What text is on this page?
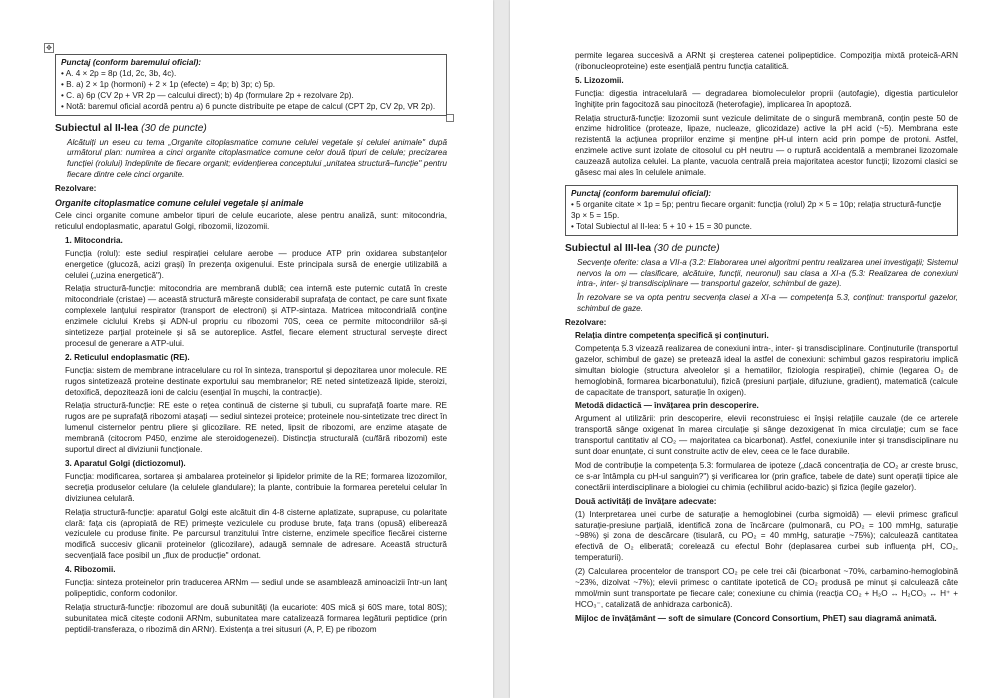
✥
Punctaj (conform baremului oficial):
• A. 4 × 2p = 8p (1d, 2c, 3b, 4c).
• B. a) 2 × 1p (hormoni) + 2 × 1p (efecte) = 4p; b) 3p; c) 5p.
• C. a) 6p (CV 2p + VR 2p — calcului direct); b) 4p (formulare 2p + rezolvare 2p).
• Notă: baremul oficial acordă pentru a) 6 puncte distribuite pe etape de calcul (CPT 2p, CV 2p, VR 2p).
Subiectul al II-lea (30 de puncte)

Alcătuiți un eseu cu tema „Organite citoplasmatice comune celulei vegetale și celulei animale" după următorul plan: numirea a cinci organite citoplasmatice comune celor două tipuri de celule; precizarea funcției (rolului) îndeplinite de fiecare organit; evidențierea conceptului „unitatea structură–funcție" pentru fiecare dintre cele cinci organite.

Rezolvare:
Organite citoplasmatice comune celulei vegetale și animale

Cele cinci organite comune ambelor tipuri de celule eucariote, alese pentru analiză, sunt: mitocondria, reticulul endoplasmatic, aparatul Golgi, ribozomii, lizozomii.

1. Mitocondria.

Funcția (rolul): este sediul respirației celulare aerobe — produce ATP prin oxidarea substanțelor energetice (glucoză, acizi grași) în prezența oxigenului. Este principala sursă de energie utilizabilă a celulei („uzina energetică").

Relația structură-funcție: mitocondria are membrană dublă; cea internă este puternic cutată în creste mitocondriale (cristae) — această structură mărește considerabil suprafața de contact, pe care sunt fixate complexele lanțului respirator (transport de electroni) și ATP-sintaza. Matricea mitocondrială conține enzimele ciclului Krebs și ADN-ul propriu cu ribozomi 70S, ceea ce permite mitocondriilor să-și sintetizeze parțial proteinele și să se autoreplice. Astfel, fiecare element structural servește direct procesul de generare a ATP-ului.

2. Reticulul endoplasmatic (RE).

Funcția: sistem de membrane intracelulare cu rol în sinteza, transportul și depozitarea unor molecule. RE rugos sintetizează proteine destinate exportului sau membranelor; RE neted sintetizează lipide, steroizi, detoxifică, depozitează ioni de calciu (esențial în mușchi, la contracție).

Relația structură-funcție: RE este o rețea continuă de cisterne și tubuli, cu suprafață foarte mare. RE rugos are pe suprafață ribozomi atașați — sediul sintezei proteice; proteinele nou-sintetizate trec direct în lumenul cisternelor pentru pliere și glicozilare. RE neted, lipsit de ribozomi, are enzime atașate de membrană (citocrom P450, enzime ale steroidogenezei). Distincția structurală (cu/fără ribozomi) este suportul direct al diviziunii funcționale.

3. Aparatul Golgi (dictiozomul).

Funcția: modificarea, sortarea și ambalarea proteinelor și lipidelor primite de la RE; formarea lizozomilor, secreția produselor celulare (la celulele glandulare); la plante, contribuie la formarea peretelui celular în diviziunea celulară.

Relația structură-funcție: aparatul Golgi este alcătuit din 4-8 cisterne aplatizate, suprapuse, cu polaritate clară: fața cis (apropiată de RE) primește veziculele cu produse brute, fața trans (opusă) eliberează veziculele cu produse finite. Pe parcursul tranzitului între cisterne, enzimele specifice fiecărei cisterne modifică succesiv glicanii proteinelor (glicozilare), adaugă semnale de adresare. Această structură secvențială face posibil un „flux de producție" ordonat.

4. Ribozomii.

Funcția: sinteza proteinelor prin traducerea ARNm — sediul unde se asamblează aminoacizii într-un lanț polipeptidic, conform codonilor.

Relația structură-funcție: ribozomul are două subunități (la eucariote: 40S mică și 60S mare, total 80S); subunitatea mică citește codonii ARNm, subunitatea mare catalizează formarea legăturii peptidice (prin peptidil-transferaza, o ribozimă din ARNr). Existența a trei situsuri (A, P, E) pe ribozom

permite legarea succesivă a ARNt și creșterea catenei polipeptidice. Compoziția mixtă proteică-ARN (ribonucleoproteine) este esențială pentru funcția catalitică.

5. Lizozomii.

Funcția: digestia intracelulară — degradarea biomoleculelor proprii (autofagie), digestia particulelor înghițite prin fagocitoză sau pinocitoză (heterofagie), implicarea în apoptoză.

Relația structură-funcție: lizozomii sunt vezicule delimitate de o singură membrană, conțin peste 50 de enzime hidrolitice (proteaze, lipaze, nucleaze, glicozidaze) active la pH acid (~5). Membrana este rezistentă la acțiunea propriilor enzime și menține pH-ul intern acid prin pompe de protoni. Astfel, enzimele active sunt izolate de citosolul cu pH neutru — o ruptură accidentală a membranei lizozomale cauzează autoliza celulei. La plante, vacuola centrală preia majoritatea acestor funcții; lizozomi clasici se găsesc mai ales în celulele animale.

Punctaj (conform baremului oficial):
• 5 organite citate × 1p = 5p; pentru fiecare organit: funcția (rolul) 2p × 5 = 10p; relația structură-funcție 3p × 5 = 15p.
• Total Subiectul al II-lea: 5 + 10 + 15 = 30 puncte.
Subiectul al III-lea (30 de puncte)

Secvențe oferite: clasa a VII-a (3.2: Elaborarea unei algoritmi pentru realizarea unei investigații; Sistemul nervos la om — clasificare, alcătuire, funcții, neuronul) sau clasa a XI-a (5.3: Realizarea de conexiuni intra-, inter- și transdisciplinare — transportul gazelor, schimbul de gaze).

În rezolvare se va opta pentru secvența clasei a XI-a — competența 5.3, conținut: transportul gazelor, schimbul de gaze.

Rezolvare:
Relația dintre competența specifică și conținuturi.

Competența 5.3 vizează realizarea de conexiuni intra-, inter- și transdisciplinare. Conținuturile (transportul gazelor, schimbul de gaze) se pretează ideal la astfel de conexiuni: schimbul gazos respiratoriu implică simultan biologie (structura alveolelor și a hematiilor, fiziologia respirației), chimie (legarea O₂ de hemoglobină, formarea bicarbonatului), fizică (presiuni parțiale, difuziune, gradient), matematică (calcule de capacitate de transport, saturație în oxigen).

Metodă didactică — învățarea prin descoperire.

Argument al utilizării: prin descoperire, elevii reconstruiesc ei înșiși relațiile cauzale (de ce arterele transportă sânge oxigenat în marea circulație și sânge dezoxigenat în mica circulație; cum se face transportul cantitativ al CO₂ — majoritatea ca bicarbonat). Astfel, conexiunile inter și transdisciplinare nu sunt doar enunțate, ci sunt construite activ de elev, ceea ce le face durabile.

Mod de contribuție la competența 5.3: formularea de ipoteze („dacă concentrația de CO₂ ar creste brusc, ce s-ar întâmpla cu pH-ul sanguin?") și verificarea lor (prin grafice, tabele de date) sunt operații tipice ale conectării interdisciplinare a biologiei cu chimia (echilibrul acido-bazic) și fizica (legile gazelor).

Două activități de învățare adecvate:

(1) Interpretarea unei curbe de saturație a hemoglobinei (curba sigmoidă) — elevii primesc graficul saturație-presiune parțială, identifică zona de încărcare (pulmonară, cu PO₂ = 100 mmHg, saturație ~98%) și zona de descărcare (tisulară, cu PO₂ = 40 mmHg, saturație ~75%); calculează cantitatea efectivă de O₂ eliberată; corelează cu efectul Bohr (deplasarea curbei sub influența pH, CO₂, temperaturii).

(2) Calcularea procentelor de transport CO₂ pe cele trei căi (bicarbonat ~70%, carbamino-hemoglobină ~23%, dizolvat ~7%); elevii primesc o cantitate ipotetică de CO₂ produsă pe minut și calculează câte mmol/min sunt transportate pe fiecare cale; conexiune cu chimia (reacția CO₂ + H₂O ↔ H₂CO₃ ↔ H⁺ + HCO₃⁻, catalizată de anhidraza carbonică).

Mijloc de învățământ — soft de simulare (Concord Consortium, PhET) sau diagramă animată.
